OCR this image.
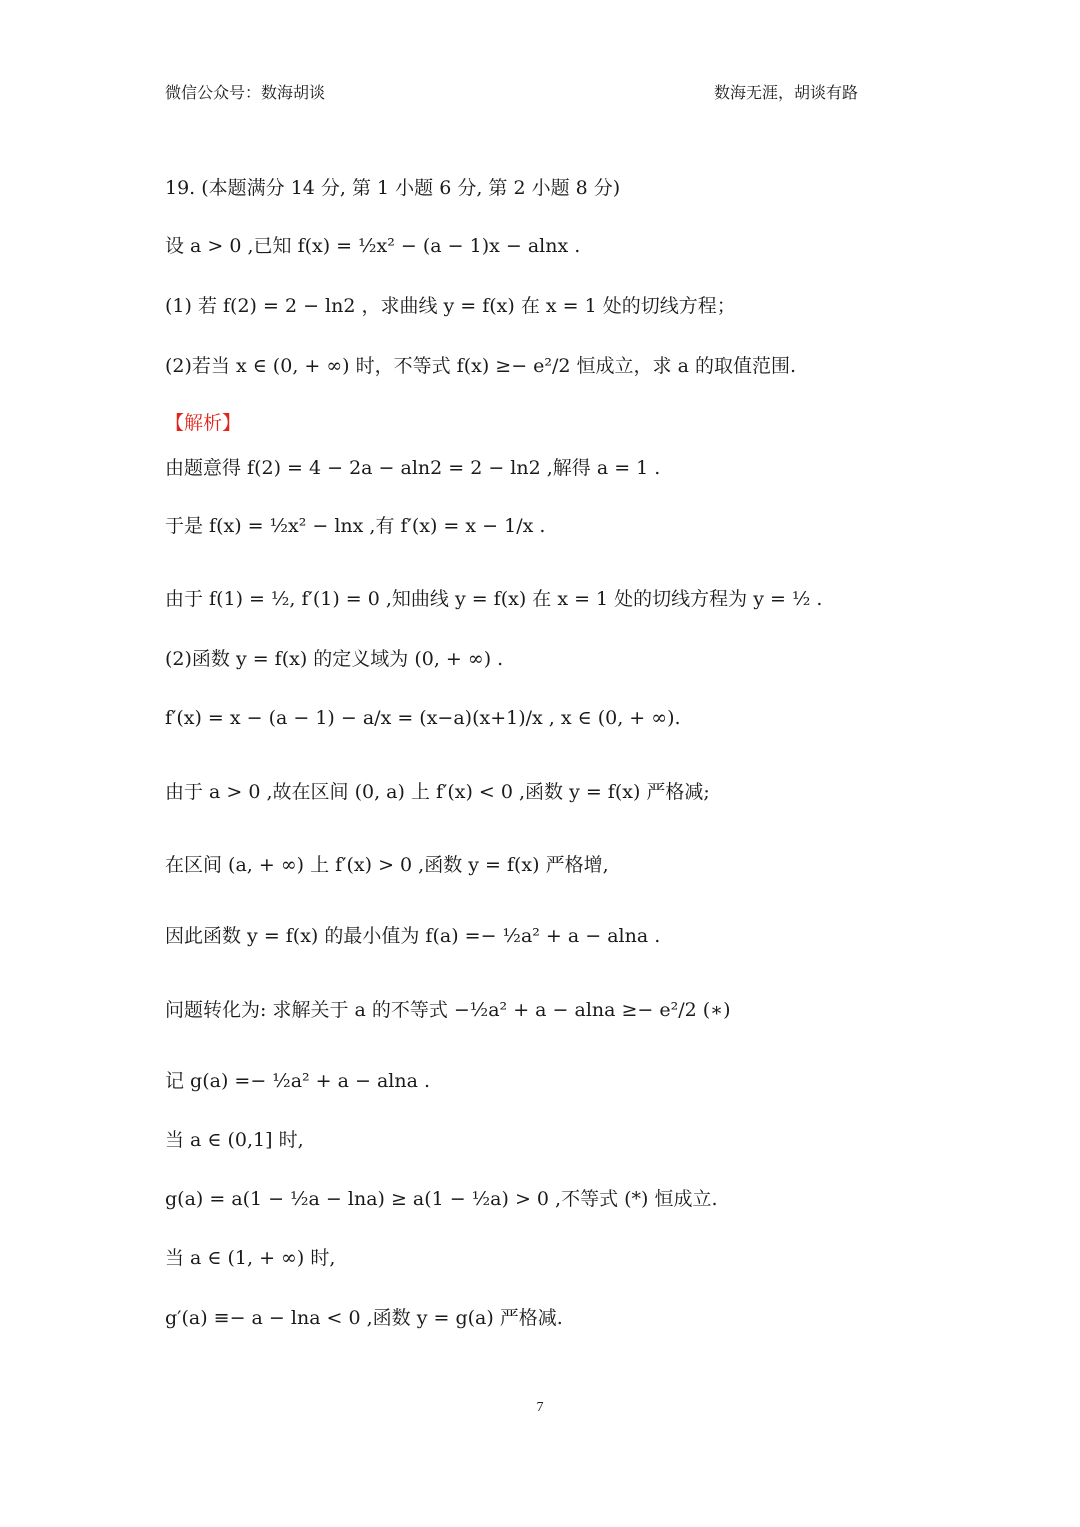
微信公众号：数海胡谈	数海无涯，胡谈有路
19. (本题满分 14 分, 第 1 小题 6 分, 第 2 小题 8 分)
设 a > 0 ,已知 f(x) = ½x² − (a − 1)x − alnx .
(1) 若 f(2) = 2 − ln2 ，求曲线 y = f(x) 在 x = 1 处的切线方程；
(2)若当 x ∈ (0, + ∞) 时，不等式 f(x) ≥− e²/2 恒成立，求 a 的取值范围.
【解析】
由题意得 f(2) = 4 − 2a − aln2 = 2 − ln2 ,解得 a = 1 .
于是 f(x) = ½x² − lnx ,有 f′(x) = x − 1/x .
由于 f(1) = ½, f′(1) = 0 ,知曲线 y = f(x) 在 x = 1 处的切线方程为 y = ½ .
(2)函数 y = f(x) 的定义域为 (0, + ∞) .
f′(x) = x − (a − 1) − a/x = (x−a)(x+1)/x , x ∈ (0, + ∞).
由于 a > 0 ,故在区间 (0, a) 上 f′(x) < 0 ,函数 y = f(x) 严格减;
在区间 (a, + ∞) 上 f′(x) > 0 ,函数 y = f(x) 严格增,
因此函数 y = f(x) 的最小值为 f(a) =− ½a² + a − alna .
问题转化为: 求解关于 a 的不等式 −½a² + a − alna ≥− e²/2 (∗)
记 g(a) =− ½a² + a − alna .
当 a ∈ (0,1] 时,
g(a) = a(1 − ½a − lna) ≥ a(1 − ½a) > 0 ,不等式 (*) 恒成立.
当 a ∈ (1, + ∞) 时,
g′(a) ≡− a − lna < 0 ,函数 y = g(a) 严格减.
7
